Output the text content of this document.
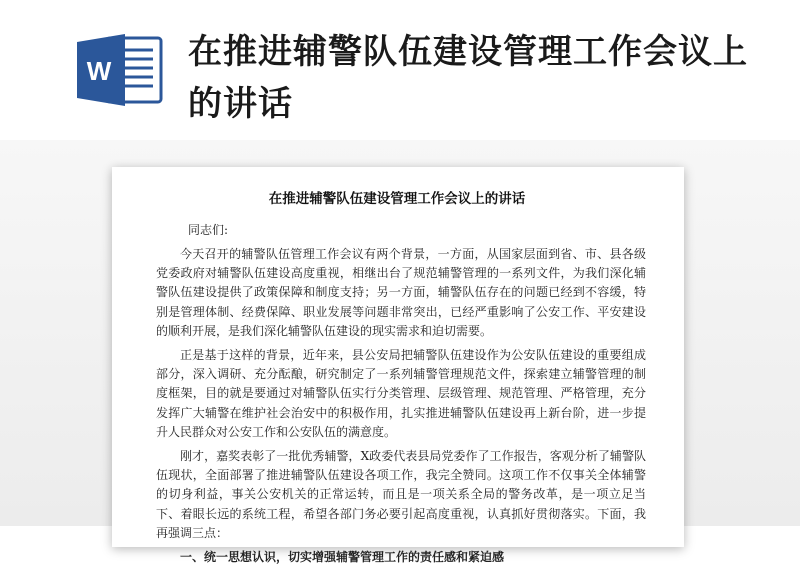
W 在推进辅警队伍建设管理工作会议上的讲话
在推进辅警队伍建设管理工作会议上的讲话
同志们:

今天召开的辅警队伍管理工作会议有两个背景，一方面，从国家层面到省、市、县各级党委政府对辅警队伍建设高度重视，相继出台了规范辅警管理的一系列文件，为我们深化辅警队伍建设提供了政策保障和制度支持；另一方面，辅警队伍存在的问题已经到不容缓，特别是管理体制、经费保障、职业发展等问题非常突出，已经严重影响了公安工作、平安建设的顺利开展，是我们深化辅警队伍建设的现实需求和迫切需要。

正是基于这样的背景，近年来，县公安局把辅警队伍建设作为公安队伍建设的重要组成部分，深入调研、充分酝酿，研究制定了一系列辅警管理规范文件，探索建立辅警管理的制度框架，目的就是要通过对辅警队伍实行分类管理、层级管理、规范管理、严格管理，充分发挥广大辅警在维护社会治安中的积极作用，扎实推进辅警队伍建设再上新台阶，进一步提升人民群众对公安工作和公安队伍的满意度。

刚才，嘉奖表彰了一批优秀辅警，X政委代表县局党委作了工作报告，客观分析了辅警队伍现状，全面部署了推进辅警队伍建设各项工作，我完全赞同。这项工作不仅事关全体辅警的切身利益，事关公安机关的正常运转，而且是一项关系全局的警务改革，是一项立足当下、着眼长远的系统工程，希望各部门务必要引起高度重视，认真抓好贯彻落实。下面，我再强调三点：

一、统一思想认识，切实增强辅警管理工作的责任感和紧迫感
